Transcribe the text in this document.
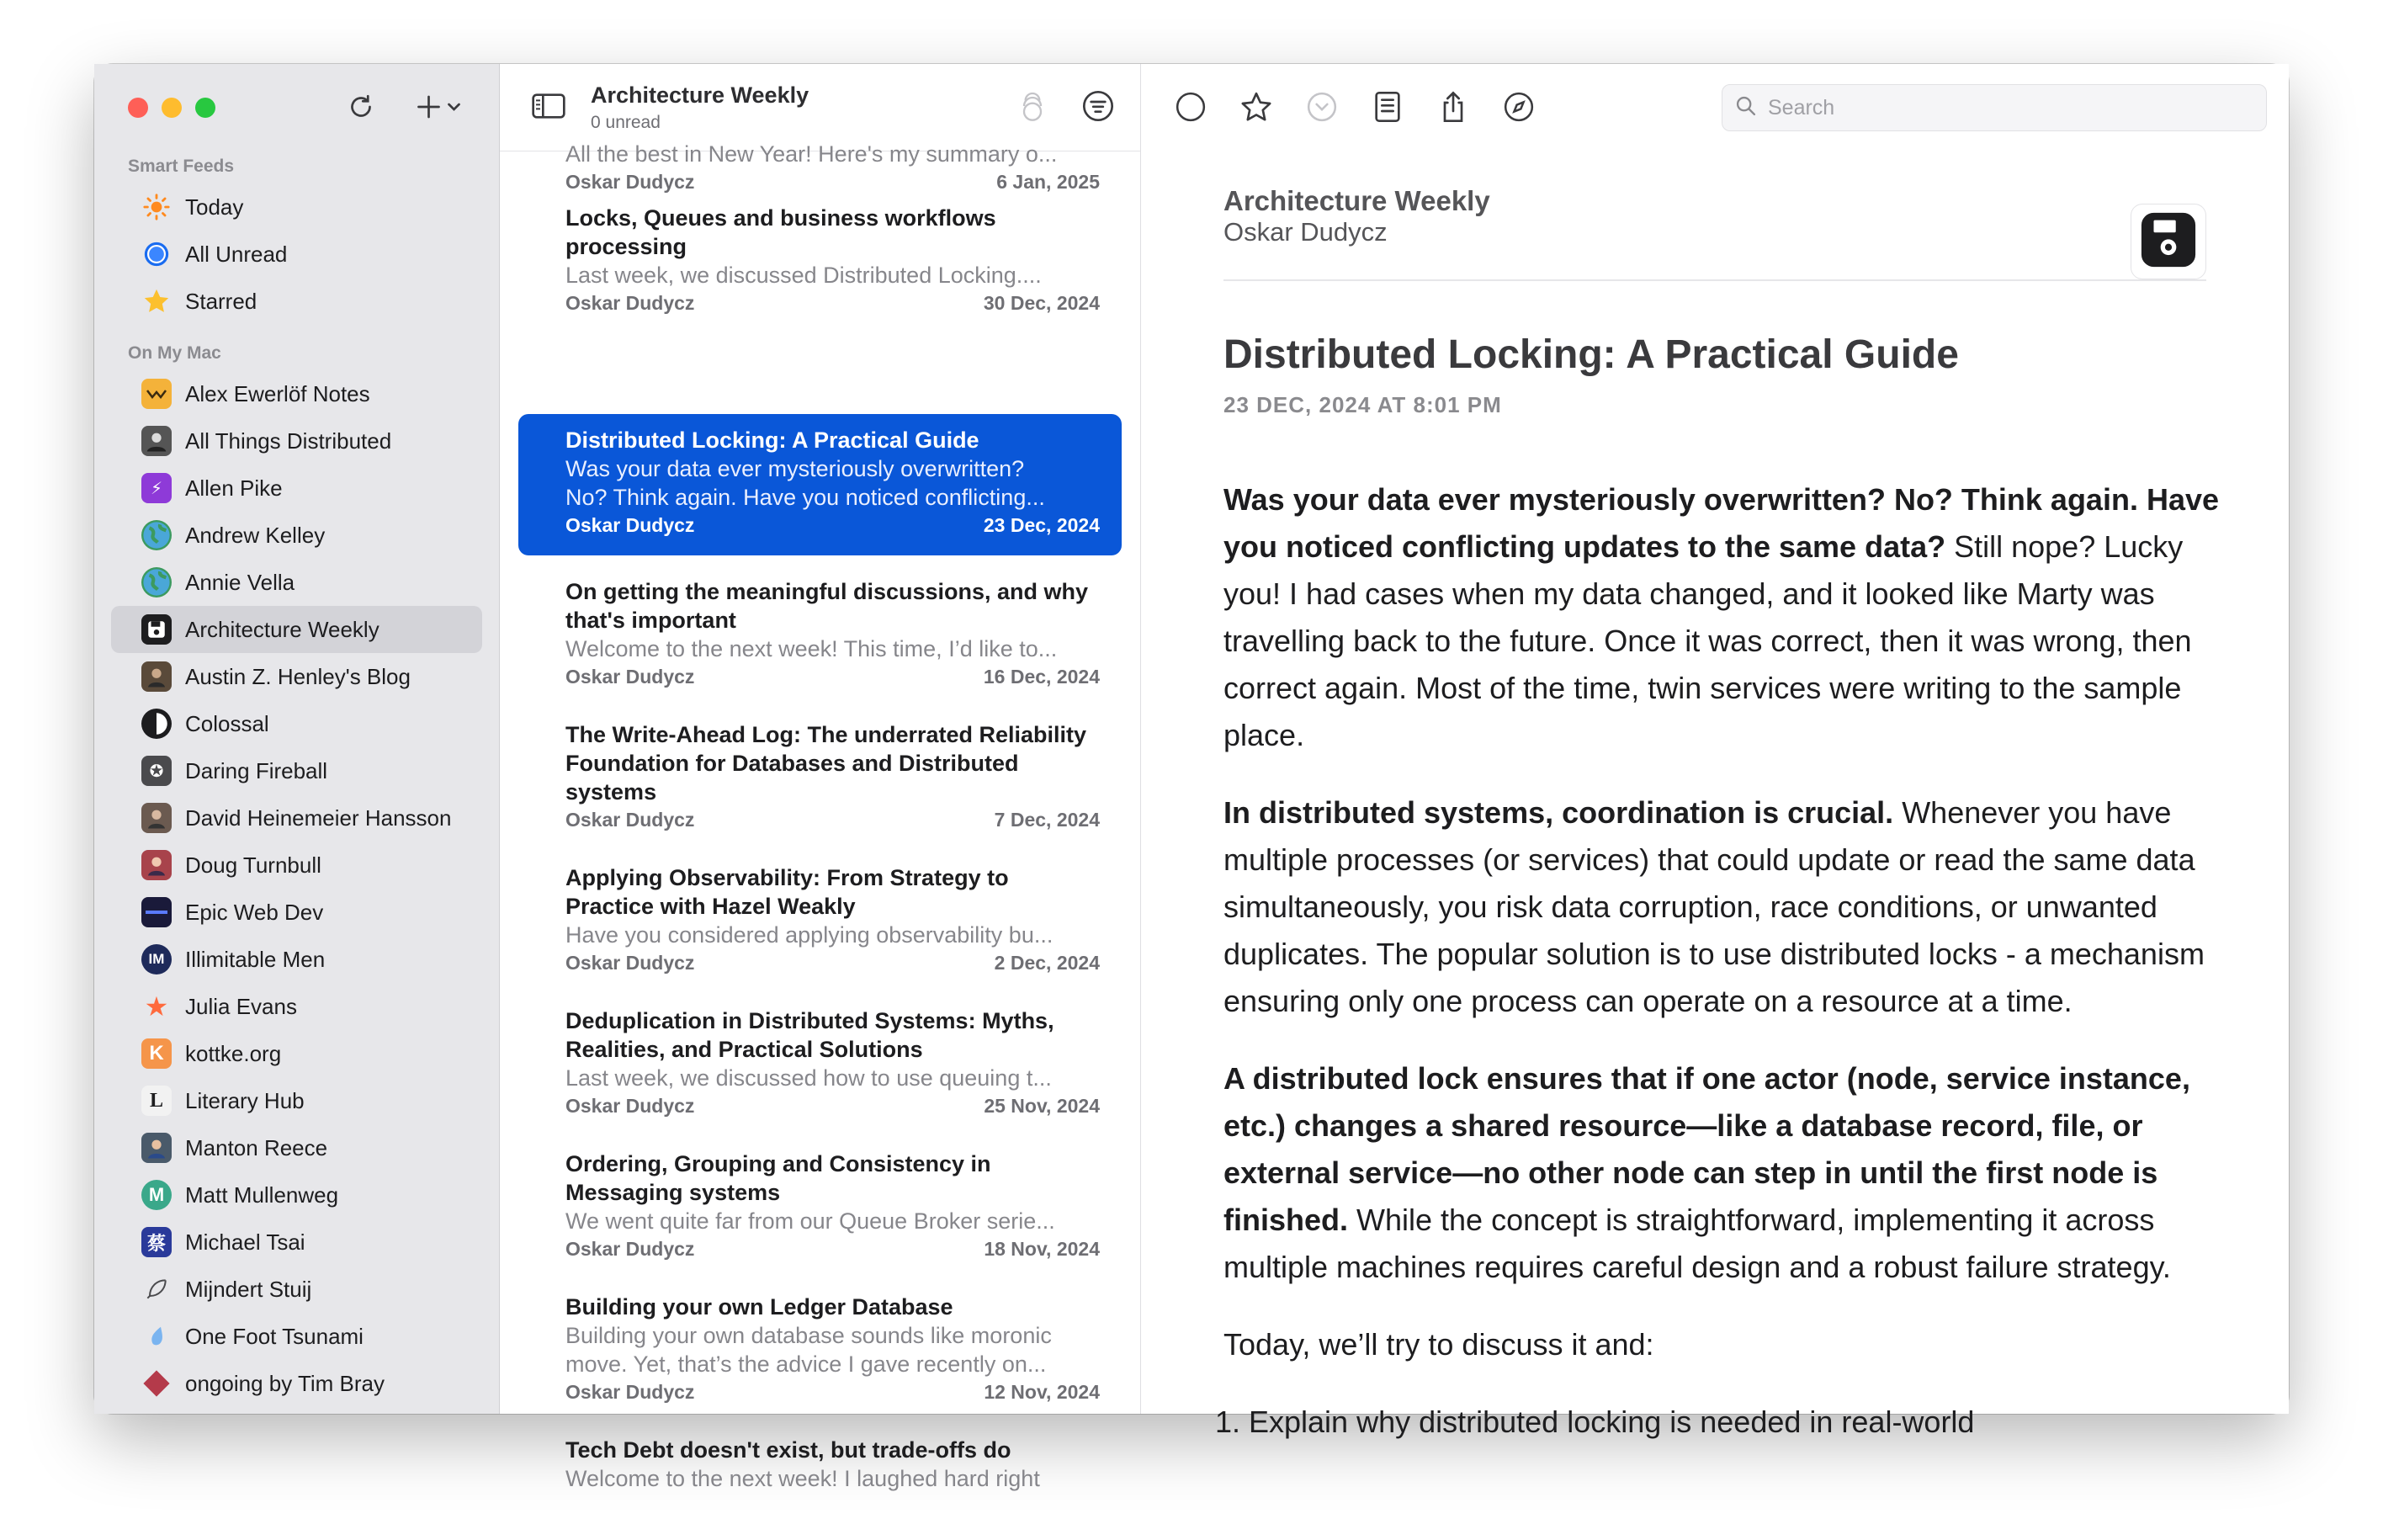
Smart Feeds
Today
All Unread
Starred
On My Mac
Alex Ewerlöf Notes
All Things Distributed
⚡	Allen Pike
Andrew Kelley
Annie Vella
Architecture Weekly
Austin Z. Henley's Blog
Colossal
✪ Daring Fireball
David Heinemeier Hansson
Doug Turnbull
Epic Web Dev
IM Illimitable Men
★ Julia Evans
K kottke.org
L	Literary Hub
Manton Reece
M Matt Mullenweg
蔡 Michael Tsai
Mijndert Stuij
One Foot Tsunami
ongoing by Tim Bray
Architecture Weekly
0 unread
All the best in New Year! Here's my summary o...
Oskar Dudycz	6 Jan, 2025
Locks, Queues and business workflows processing
Last week, we discussed Distributed Locking....
Oskar Dudycz	30 Dec, 2024
Distributed Locking: A Practical Guide
Was your data ever mysteriously overwritten?
No? Think again. Have you noticed conflicting...
Oskar Dudycz	23 Dec, 2024
On getting the meaningful discussions, and why that's important
Welcome to the next week! This time, I’d like to...
Oskar Dudycz	16 Dec, 2024
The Write-Ahead Log: The underrated Reliability Foundation for Databases and Distributed systems
Oskar Dudycz	7 Dec, 2024
Applying Observability: From Strategy to Practice with Hazel Weakly
Have you considered applying observability bu...
Oskar Dudycz	2 Dec, 2024
Deduplication in Distributed Systems: Myths, Realities, and Practical Solutions
Last week, we discussed how to use queuing t...
Oskar Dudycz	25 Nov, 2024
Ordering, Grouping and Consistency in Messaging systems
We went quite far from our Queue Broker serie...
Oskar Dudycz	18 Nov, 2024
Building your own Ledger Database
Building your own database sounds like moronic
move. Yet, that’s the advice I gave recently on...
Oskar Dudycz	12 Nov, 2024
Tech Debt doesn't exist, but trade-offs do
Welcome to the next week! I laughed hard right
Search
Architecture Weekly
Oskar Dudycz
Distributed Locking: A Practical Guide
23 DEC, 2024 AT 8:01 PM

Was your data ever mysteriously overwritten? No? Think again. Have you noticed conflicting updates to the same data? Still nope? Lucky you! I had cases when my data changed, and it looked like Marty was travelling back to the future. Once it was correct, then it was wrong, then correct again. Most of the time, twin services were writing to the sample place.

In distributed systems, coordination is crucial. Whenever you have multiple processes (or services) that could update or read the same data simultaneously, you risk data corruption, race conditions, or unwanted duplicates. The popular solution is to use distributed locks - a mechanism ensuring only one process can operate on a resource at a time.

A distributed lock ensures that if one actor (node, service instance, etc.) changes a shared resource—like a database record, file, or external service—no other node can step in until the first node is finished. While the concept is straightforward, implementing it across multiple machines requires careful design and a robust failure strategy.

Today, we’ll try to discuss it and:

1. Explain why distributed locking is needed in real-world
